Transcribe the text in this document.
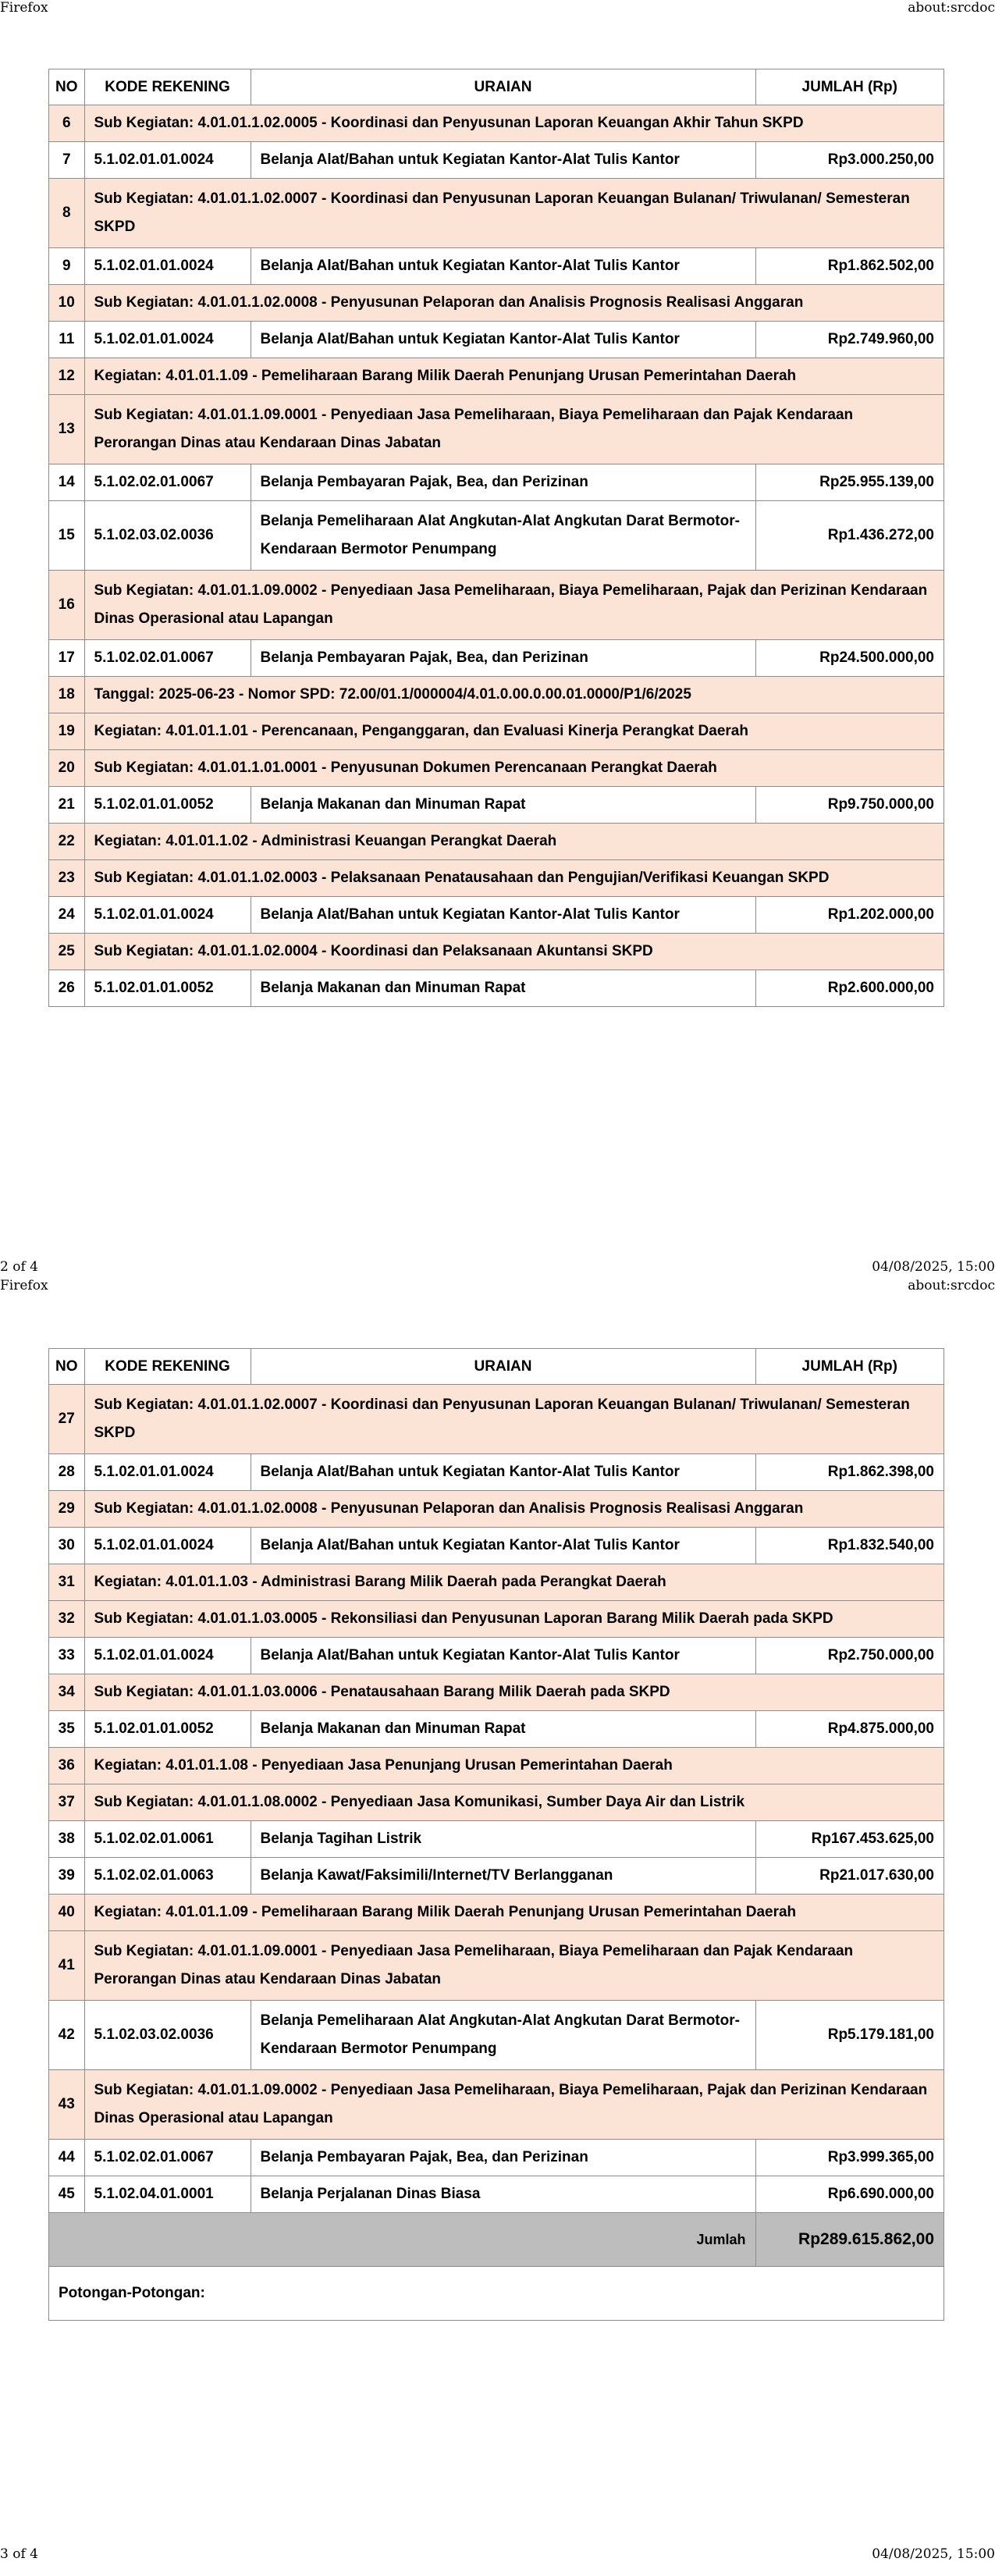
Firefox	about:srcdoc
NO	KODE REKENING	URAIAN	JUMLAH (Rp)
6	Sub Kegiatan: 4.01.01.1.02.0005 - Koordinasi dan Penyusunan Laporan Keuangan Akhir Tahun SKPD		
7	5.1.02.01.01.0024	Belanja Alat/Bahan untuk Kegiatan Kantor-Alat Tulis Kantor	Rp3.000.250,00
8	Sub Kegiatan: 4.01.01.1.02.0007 - Koordinasi dan Penyusunan Laporan Keuangan Bulanan/ Triwulanan/ Semesteran SKPD		
9	5.1.02.01.01.0024	Belanja Alat/Bahan untuk Kegiatan Kantor-Alat Tulis Kantor	Rp1.862.502,00
10	Sub Kegiatan: 4.01.01.1.02.0008 - Penyusunan Pelaporan dan Analisis Prognosis Realisasi Anggaran		
11	5.1.02.01.01.0024	Belanja Alat/Bahan untuk Kegiatan Kantor-Alat Tulis Kantor	Rp2.749.960,00
12	Kegiatan: 4.01.01.1.09 - Pemeliharaan Barang Milik Daerah Penunjang Urusan Pemerintahan Daerah		
13	Sub Kegiatan: 4.01.01.1.09.0001 - Penyediaan Jasa Pemeliharaan, Biaya Pemeliharaan dan Pajak Kendaraan Perorangan Dinas atau Kendaraan Dinas Jabatan		
14	5.1.02.02.01.0067	Belanja Pembayaran Pajak, Bea, dan Perizinan	Rp25.955.139,00
15	5.1.02.03.02.0036	Belanja Pemeliharaan Alat Angkutan-Alat Angkutan Darat Bermotor-Kendaraan Bermotor Penumpang	Rp1.436.272,00
16	Sub Kegiatan: 4.01.01.1.09.0002 - Penyediaan Jasa Pemeliharaan, Biaya Pemeliharaan, Pajak dan Perizinan Kendaraan Dinas Operasional atau Lapangan		
17	5.1.02.02.01.0067	Belanja Pembayaran Pajak, Bea, dan Perizinan	Rp24.500.000,00
18	Tanggal: 2025-06-23 - Nomor SPD: 72.00/01.1/000004/4.01.0.00.0.00.01.0000/P1/6/2025		
19	Kegiatan: 4.01.01.1.01 - Perencanaan, Penganggaran, dan Evaluasi Kinerja Perangkat Daerah		
20	Sub Kegiatan: 4.01.01.1.01.0001 - Penyusunan Dokumen Perencanaan Perangkat Daerah		
21	5.1.02.01.01.0052	Belanja Makanan dan Minuman Rapat	Rp9.750.000,00
22	Kegiatan: 4.01.01.1.02 - Administrasi Keuangan Perangkat Daerah		
23	Sub Kegiatan: 4.01.01.1.02.0003 - Pelaksanaan Penatausahaan dan Pengujian/Verifikasi Keuangan SKPD		
24	5.1.02.01.01.0024	Belanja Alat/Bahan untuk Kegiatan Kantor-Alat Tulis Kantor	Rp1.202.000,00
25	Sub Kegiatan: 4.01.01.1.02.0004 - Koordinasi dan Pelaksanaan Akuntansi SKPD		
26	5.1.02.01.01.0052	Belanja Makanan dan Minuman Rapat	Rp2.600.000,00
2 of 4	04/08/2025, 15:00
Firefox	about:srcdoc
NO	KODE REKENING	URAIAN	JUMLAH (Rp)
27	Sub Kegiatan: 4.01.01.1.02.0007 - Koordinasi dan Penyusunan Laporan Keuangan Bulanan/ Triwulanan/ Semesteran SKPD		
28	5.1.02.01.01.0024	Belanja Alat/Bahan untuk Kegiatan Kantor-Alat Tulis Kantor	Rp1.862.398,00
29	Sub Kegiatan: 4.01.01.1.02.0008 - Penyusunan Pelaporan dan Analisis Prognosis Realisasi Anggaran		
30	5.1.02.01.01.0024	Belanja Alat/Bahan untuk Kegiatan Kantor-Alat Tulis Kantor	Rp1.832.540,00
31	Kegiatan: 4.01.01.1.03 - Administrasi Barang Milik Daerah pada Perangkat Daerah		
32	Sub Kegiatan: 4.01.01.1.03.0005 - Rekonsiliasi dan Penyusunan Laporan Barang Milik Daerah pada SKPD		
33	5.1.02.01.01.0024	Belanja Alat/Bahan untuk Kegiatan Kantor-Alat Tulis Kantor	Rp2.750.000,00
34	Sub Kegiatan: 4.01.01.1.03.0006 - Penatausahaan Barang Milik Daerah pada SKPD		
35	5.1.02.01.01.0052	Belanja Makanan dan Minuman Rapat	Rp4.875.000,00
36	Kegiatan: 4.01.01.1.08 - Penyediaan Jasa Penunjang Urusan Pemerintahan Daerah		
37	Sub Kegiatan: 4.01.01.1.08.0002 - Penyediaan Jasa Komunikasi, Sumber Daya Air dan Listrik		
38	5.1.02.02.01.0061	Belanja Tagihan Listrik	Rp167.453.625,00
39	5.1.02.02.01.0063	Belanja Kawat/Faksimili/Internet/TV Berlangganan	Rp21.017.630,00
40	Kegiatan: 4.01.01.1.09 - Pemeliharaan Barang Milik Daerah Penunjang Urusan Pemerintahan Daerah		
41	Sub Kegiatan: 4.01.01.1.09.0001 - Penyediaan Jasa Pemeliharaan, Biaya Pemeliharaan dan Pajak Kendaraan Perorangan Dinas atau Kendaraan Dinas Jabatan		
42	5.1.02.03.02.0036	Belanja Pemeliharaan Alat Angkutan-Alat Angkutan Darat Bermotor-Kendaraan Bermotor Penumpang	Rp5.179.181,00
43	Sub Kegiatan: 4.01.01.1.09.0002 - Penyediaan Jasa Pemeliharaan, Biaya Pemeliharaan, Pajak dan Perizinan Kendaraan Dinas Operasional atau Lapangan		
44	5.1.02.02.01.0067	Belanja Pembayaran Pajak, Bea, dan Perizinan	Rp3.999.365,00
45	5.1.02.04.01.0001	Belanja Perjalanan Dinas Biasa	Rp6.690.000,00
Jumlah			Rp289.615.862,00
Potongan-Potongan:			
3 of 4	04/08/2025, 15:00
